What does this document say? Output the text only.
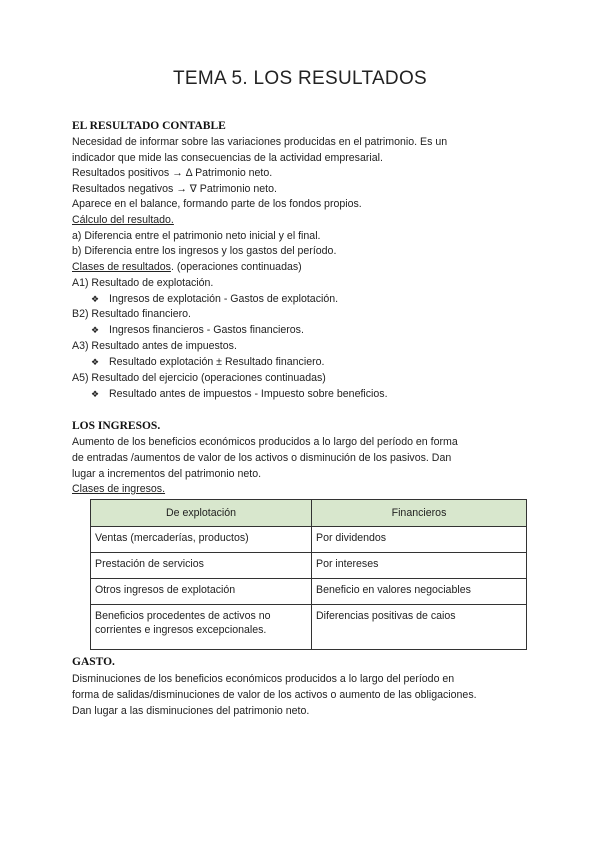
TEMA 5. LOS RESULTADOS
EL RESULTADO CONTABLE
Necesidad de informar sobre las variaciones producidas en el patrimonio. Es un
indicador que mide las consecuencias de la actividad empresarial.
Resultados positivos → Δ Patrimonio neto.
Resultados negativos → ∇ Patrimonio neto.
Aparece en el balance, formando parte de los fondos propios.
Cálculo del resultado.
a) Diferencia entre el patrimonio neto inicial y el final.
b) Diferencia entre los ingresos y los gastos del período.
Clases de resultados. (operaciones continuadas)
A1) Resultado de explotación.
❖ Ingresos de explotación - Gastos de explotación.
B2) Resultado financiero.
❖ Ingresos financieros - Gastos financieros.
A3) Resultado antes de impuestos.
❖ Resultado explotación ± Resultado financiero.
A5) Resultado del ejercicio (operaciones continuadas)
❖ Resultado antes de impuestos - Impuesto sobre beneficios.
LOS INGRESOS.
Aumento de los beneficios económicos producidos a lo largo del período en forma
de entradas /aumentos de valor de los activos o disminución de los pasivos. Dan
lugar a incrementos del patrimonio neto.
Clases de ingresos.
De explotación	Financieros
Ventas (mercaderías, productos)	Por dividendos
Prestación de servicios	Por intereses
Otros ingresos de explotación	Beneficio en valores negociables
Beneficios procedentes de activos no corrientes e ingresos excepcionales.	Diferencias positivas de caios
GASTO.
Disminuciones de los beneficios económicos producidos a lo largo del período en
forma de salidas/disminuciones de valor de los activos o aumento de las obligaciones.
Dan lugar a las disminuciones del patrimonio neto.
